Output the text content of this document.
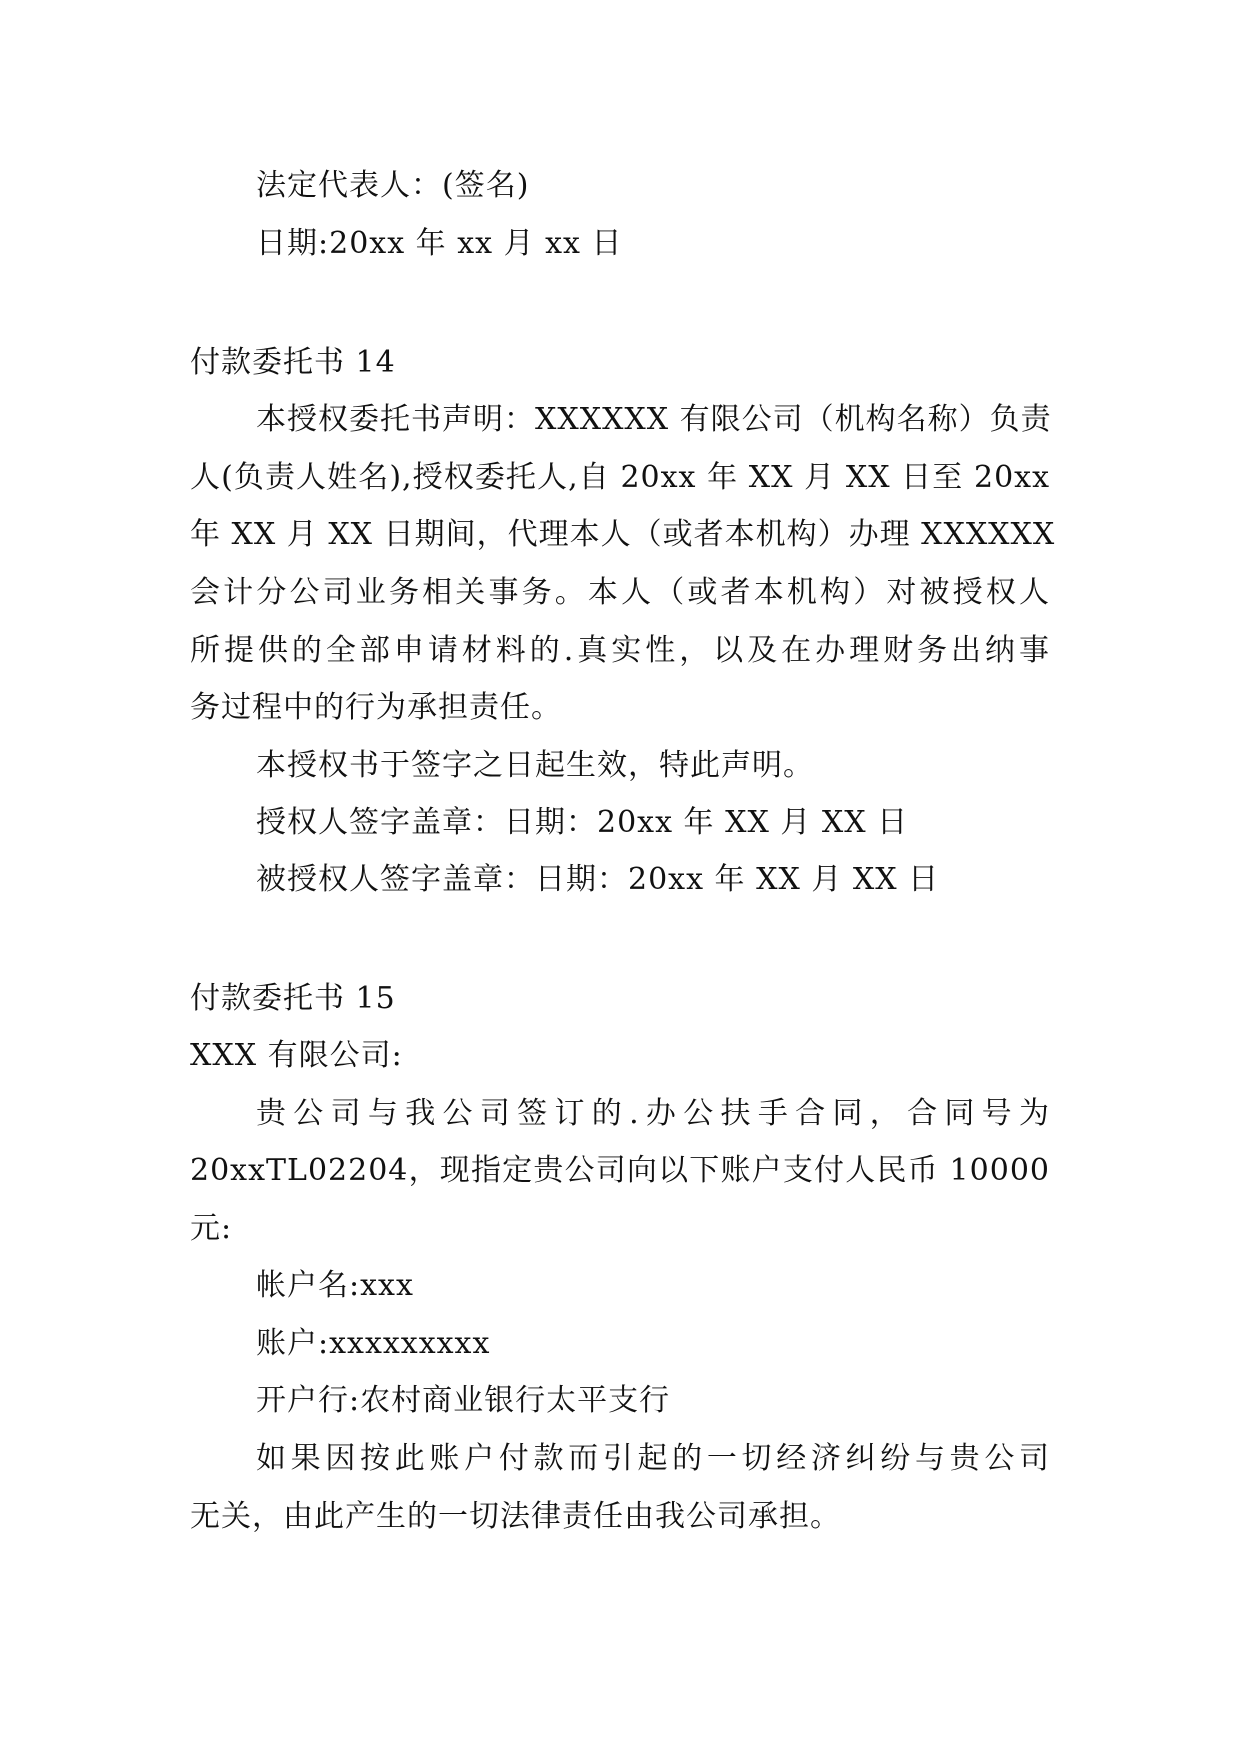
法定代表人：(签名)
日期:20xx 年 xx 月 xx 日
付款委托书 14
本授权委托书声明：XXXXXX 有限公司（机构名称）负责
人(负责人姓名),授权委托人,自 20xx 年 XX 月 XX 日至 20xx
年 XX 月 XX 日期间，代理本人（或者本机构）办理 XXXXXX
会计分公司业务相关事务。本人（或者本机构）对被授权人
所提供的全部申请材料的.真实性，以及在办理财务出纳事
务过程中的行为承担责任。
本授权书于签字之日起生效，特此声明。
授权人签字盖章：日期：20xx 年 XX 月 XX 日
被授权人签字盖章：日期：20xx 年 XX 月 XX 日
付款委托书 15
XXX 有限公司:
贵公司与我公司签订的.办公扶手合同，合同号为
20xxTL02204，现指定贵公司向以下账户支付人民币 10000
元:
帐户名:xxx
账户:xxxxxxxxx
开户行:农村商业银行太平支行
如果因按此账户付款而引起的一切经济纠纷与贵公司
无关，由此产生的一切法律责任由我公司承担。
